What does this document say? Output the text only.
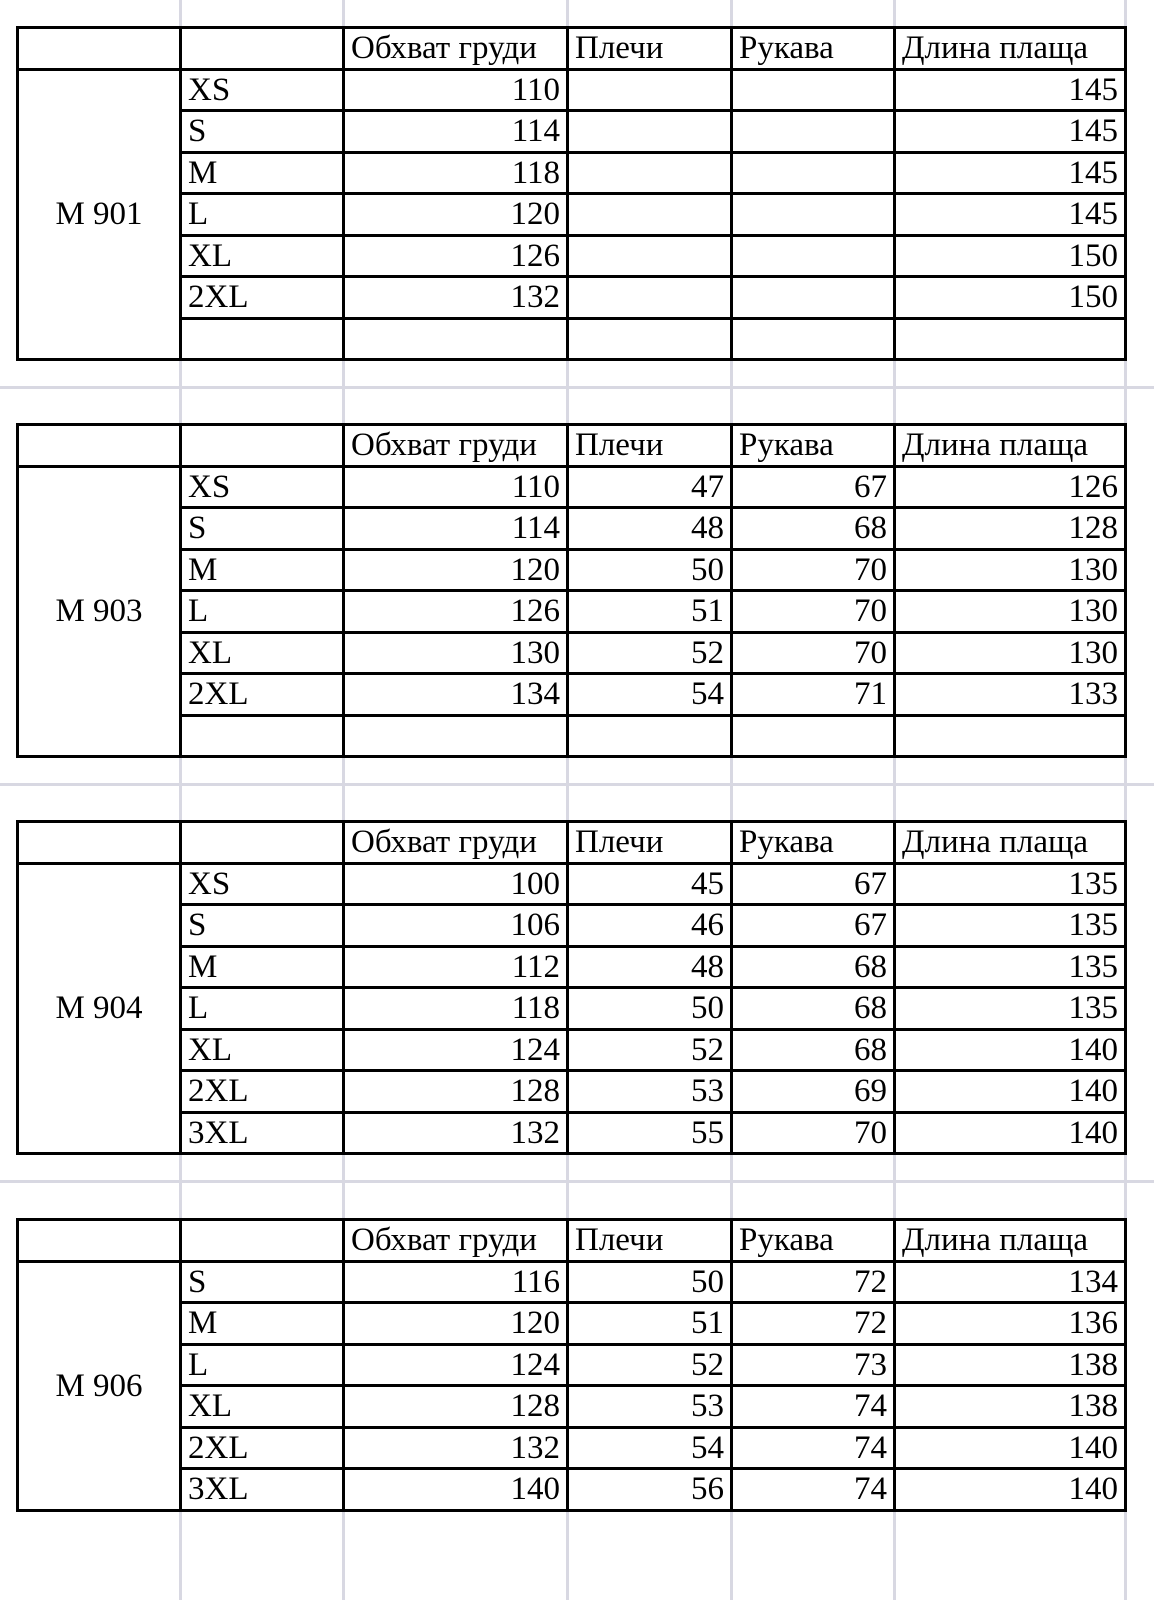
		Обхват груди	Плечи	Рукава	Длина плаща
M 901	XS	110			145
	S	114			145
	M	118			145
	L	120			145
	XL	126			150
	2XL	132			150

		Обхват груди	Плечи	Рукава	Длина плаща
M 903	XS	110	47	67	126
	S	114	48	68	128
	M	120	50	70	130
	L	126	51	70	130
	XL	130	52	70	130
	2XL	134	54	71	133

		Обхват груди	Плечи	Рукава	Длина плаща
M 904	XS	100	45	67	135
	S	106	46	67	135
	M	112	48	68	135
	L	118	50	68	135
	XL	124	52	68	140
	2XL	128	53	69	140
	3XL	132	55	70	140
		Обхват груди	Плечи	Рукава	Длина плаща
M 906	S	116	50	72	134
	M	120	51	72	136
	L	124	52	73	138
	XL	128	53	74	138
	2XL	132	54	74	140
	3XL	140	56	74	140
